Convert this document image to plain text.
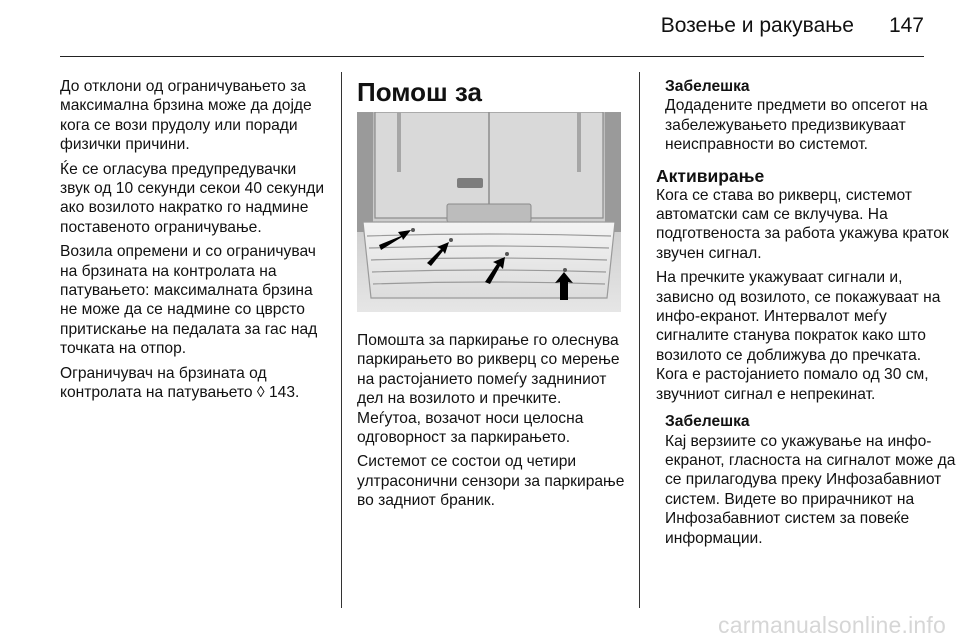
Возење и ракување 147

До отклони од ограничувањето за максимална брзина може да дојде кога се вози прудолу или поради физички причини.

Ќе се огласува предупредувачки звук од 10 секунди секои 40 секунди ако возилото накратко го надмине поставеното ограничување.

Возила опремени и со ограничувач на брзината на контролата на патувањето: максималната брзина не може да се надмине со цврсто притискање на педалата за гас над точката на отпор.

Ограничувач на брзината од контролата на патувањето ◊ 143.

Помош за

Помошта за паркирање го олеснува паркирањето во рикверц со мерење на растојанието помеѓу задниниот дел на возилото и пречките. Меѓутоа, возачот носи целосна одговорност за паркирањето.

Системот се состои од четири ултрасонични сензори за паркирање во задниот браник.

Забелешка

Додадените предмети во опсегот на забележувањето предизвикуваат неисправности во системот.

Активирање

Кога се става во рикверц, системот автоматски сам се вклучува. На подготвеноста за работа укажува краток звучен сигнал.

На пречките укажуваат сигнали и, зависно од возилото, се покажуваат на инфо-екранот. Интервалот меѓу сигналите станува пократок како што возилото се доближува до пречката. Кога е растојанието помало од 30 см, звучниот сигнал е непрекинат.

Забелешка

Кај верзиите со укажување на инфо-екранот, гласноста на сигналот може да се прилагодува преку Инфозабавниот систем. Видете во прирачникот на Инфозабавниот систем за повеќе информации.

carmanualsonline.info
